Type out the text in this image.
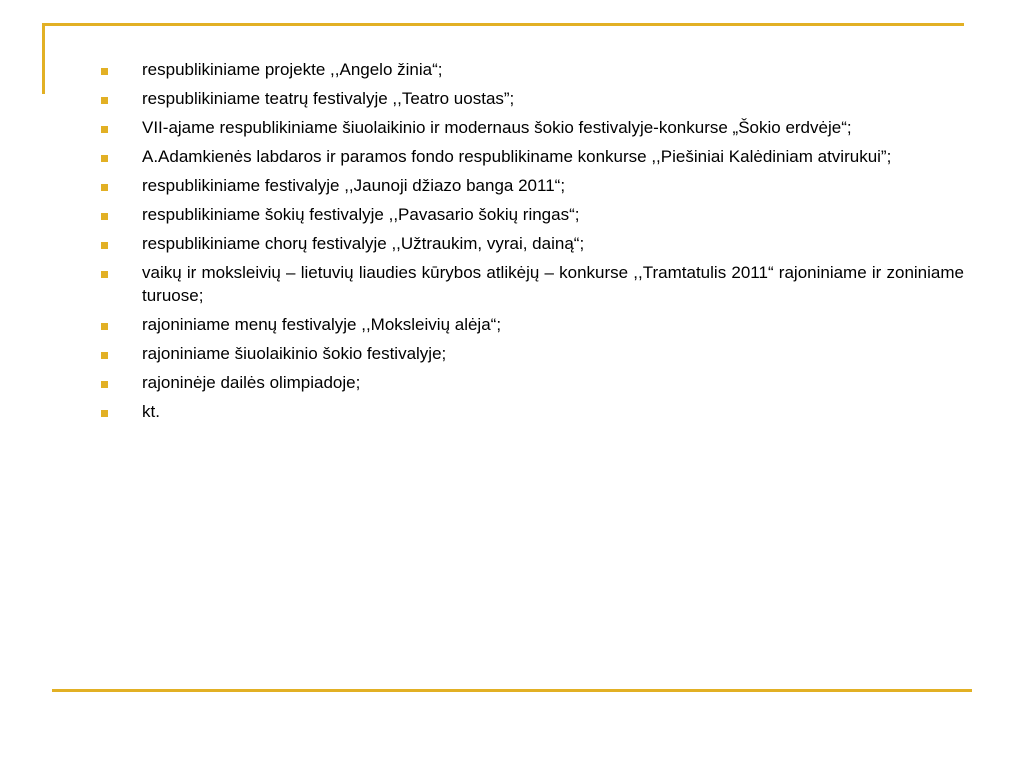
respublikiniame projekte ,,Angelo žinia“;
respublikiniame teatrų festivalyje ,,Teatro uostas”;
VII-ajame respublikiniame šiuolaikinio ir modernaus šokio festivalyje-konkurse „Šokio erdvėje“;
A.Adamkienės labdaros ir paramos fondo respublikiname konkurse ,,Piešiniai Kalėdiniam atvirukui”;
respublikiniame festivalyje ,,Jaunoji džiazo banga 2011“;
respublikiniame šokių festivalyje ,,Pavasario šokių ringas“;
respublikiniame chorų festivalyje ,,Užtraukim, vyrai, dainą“;
vaikų ir moksleivių – lietuvių liaudies kūrybos atlikėjų – konkurse ,,Tramtatulis 2011“ rajoniniame ir zoniniame turuose;
rajoniniame menų festivalyje ,,Moksleivių alėja“;
rajoniniame šiuolaikinio šokio festivalyje;
rajoninėje dailės olimpiadoje;
kt.
